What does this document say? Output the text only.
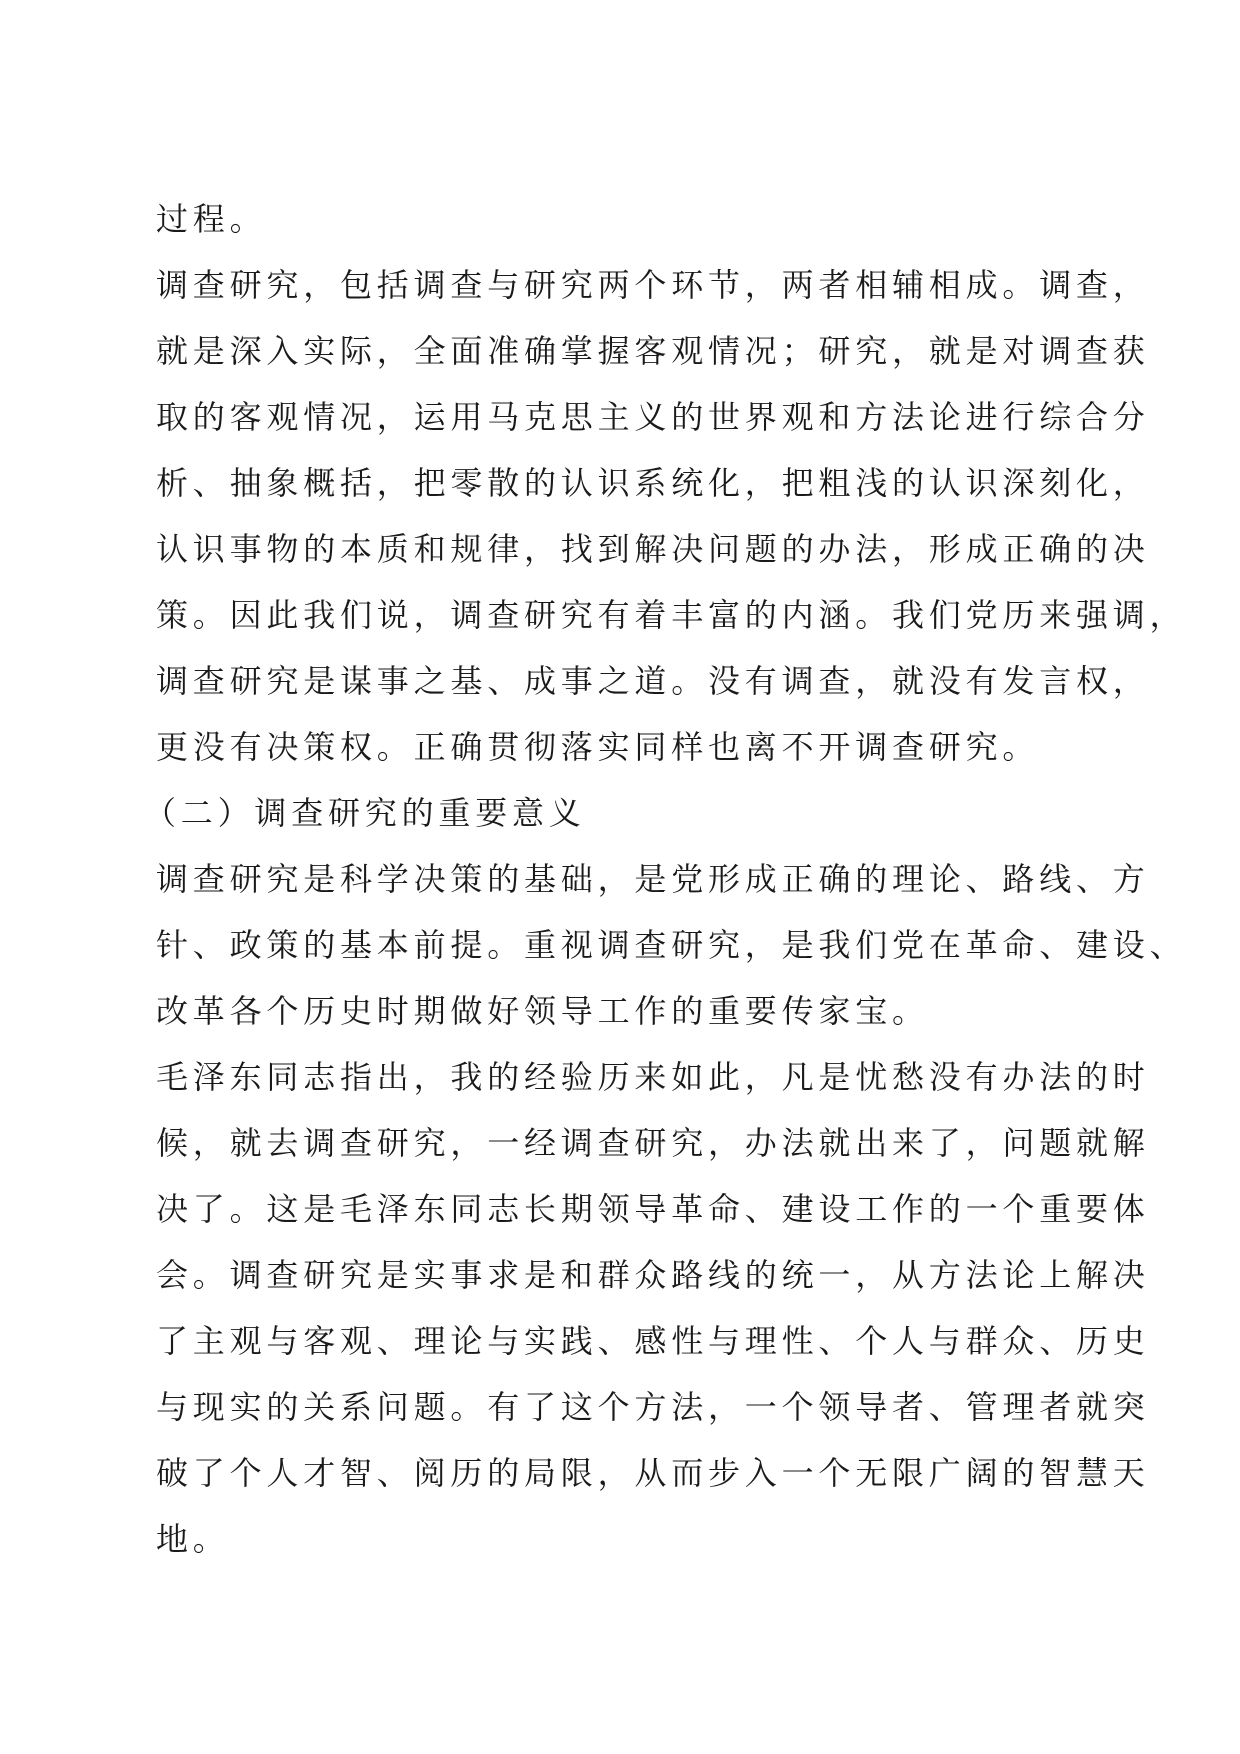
过程。
调查研究，包括调查与研究两个环节，两者相辅相成。调查，
就是深入实际，全面准确掌握客观情况；研究，就是对调查获
取的客观情况，运用马克思主义的世界观和方法论进行综合分
析、抽象概括，把零散的认识系统化，把粗浅的认识深刻化，
认识事物的本质和规律，找到解决问题的办法，形成正确的决
策。因此我们说，调查研究有着丰富的内涵。我们党历来强调，
调查研究是谋事之基、成事之道。没有调查，就没有发言权，
更没有决策权。正确贯彻落实同样也离不开调查研究。
（二）调查研究的重要意义
调查研究是科学决策的基础，是党形成正确的理论、路线、方
针、政策的基本前提。重视调查研究，是我们党在革命、建设、
改革各个历史时期做好领导工作的重要传家宝。
毛泽东同志指出，我的经验历来如此，凡是忧愁没有办法的时
候，就去调查研究，一经调查研究，办法就出来了，问题就解
决了。这是毛泽东同志长期领导革命、建设工作的一个重要体
会。调查研究是实事求是和群众路线的统一，从方法论上解决
了主观与客观、理论与实践、感性与理性、个人与群众、历史
与现实的关系问题。有了这个方法，一个领导者、管理者就突
破了个人才智、阅历的局限，从而步入一个无限广阔的智慧天
地。
